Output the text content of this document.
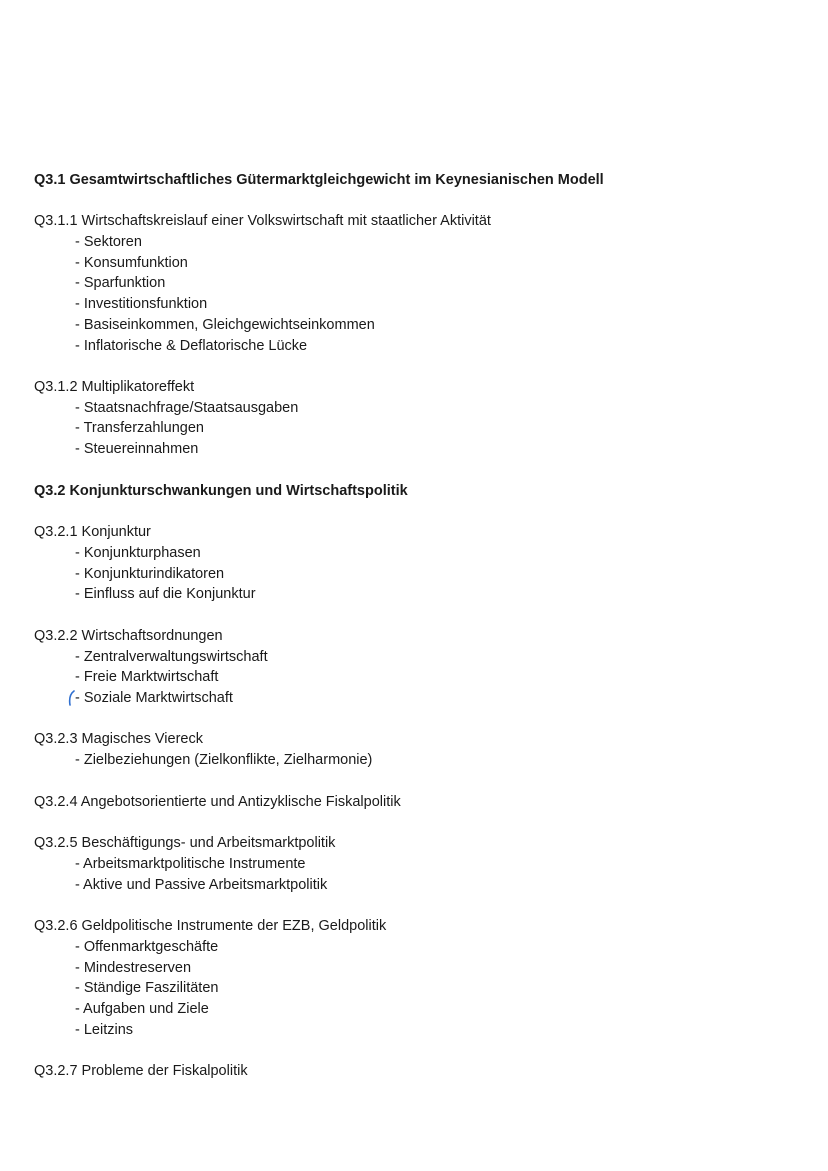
Q3.1 Gesamtwirtschaftliches Gütermarktgleichgewicht im Keynesianischen Modell
Q3.1.1 Wirtschaftskreislauf einer Volkswirtschaft mit staatlicher Aktivität
- Sektoren
- Konsumfunktion
- Sparfunktion
- Investitionsfunktion
- Basiseinkommen, Gleichgewichtseinkommen
- Inflatorische & Deflatorische Lücke
Q3.1.2 Multiplikatoreffekt
- Staatsnachfrage/Staatsausgaben
- Transferzahlungen
- Steuereinnahmen
Q3.2 Konjunkturschwankungen und Wirtschaftspolitik
Q3.2.1 Konjunktur
- Konjunkturphasen
- Konjunkturindikatoren
- Einfluss auf die Konjunktur
Q3.2.2 Wirtschaftsordnungen
- Zentralverwaltungswirtschaft
- Freie Marktwirtschaft
- Soziale Marktwirtschaft
Q3.2.3 Magisches Viereck
- Zielbeziehungen (Zielkonflikte, Zielharmonie)
Q3.2.4 Angebotsorientierte und Antizyklische Fiskalpolitik
Q3.2.5 Beschäftigungs- und Arbeitsmarktpolitik
- Arbeitsmarktpolitische Instrumente
- Aktive und Passive Arbeitsmarktpolitik
Q3.2.6 Geldpolitische Instrumente der EZB, Geldpolitik
- Offenmarktgeschäfte
- Mindestreserven
- Ständige Faszilitäten
- Aufgaben und Ziele
- Leitzins
Q3.2.7 Probleme der Fiskalpolitik
